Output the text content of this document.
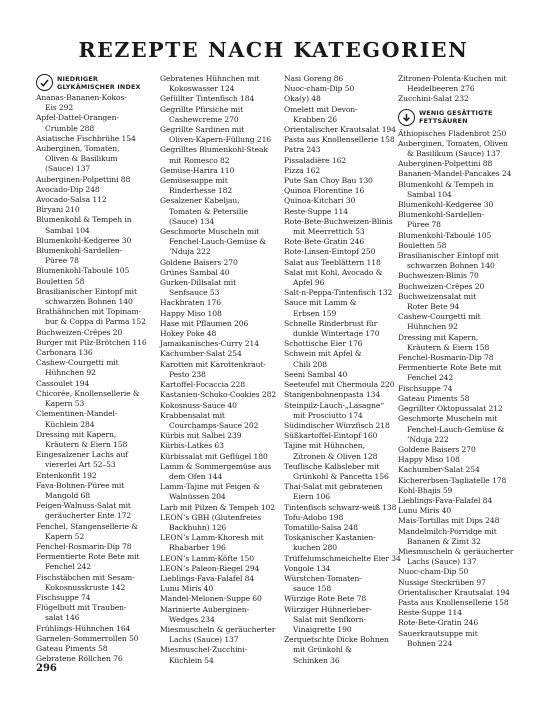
REZEPTE NACH KATEGORIEN
NIEDRIGER
GLYKÄMISCHER INDEX
Ananas-Bananen-Kokos-
Eis 292
Apfel-Dattel-Orangen-
Crumble 288
Asiatische Fischbrühe 154
Auberginen, Tomaten,
Oliven & Basilikum
(Sauce) 137
Auberginen-Polpettini 88
Avocado-Dip 248
Avocado-Salsa 112
Biryani 210
Blumenkohl & Tempeh in
Sambal 104
Blumenkohl-Kedgeree 30
Blumenkohl-Sardellen-
Püree 78
Blumenkohl-Taboulé 105
Bouletten 58
Brasilianischer Eintopf mit
schwarzen Bohnen 140
Brathähnchen mit Topinam-
bur & Coppa di Parma 152
Buchweizen-Crêpes 20
Burger mit Pilz-Brötchen 116
Carbonara 136
Cashew-Courgetti mit
Hühnchen 92
Cassoulet 194
Chicorée, Knollensellerie &
Kapern 53
Clementinen-Mandel-
Küchlein 284
Dressing mit Kapern,
Kräutern & Eiern 158
Eingesalzener Lachs auf
viererlei Art 52–53
Entenkonfit 192
Fava-Bohnen-Püree mit
Mangold 68
Feigen-Walnuss-Salat mit
geräucherter Ente 172
Fenchel, Stangensellerie &
Kapern 52
Fenchel-Rosmarin-Dip 78
Fermentierte Rote Bete mit
Fenchel 242
Fischstäbchen mit Sesam-
Kokosnusskruste 142
Fischsuppe 74
Flügelbutt mit Trauben-
salat 146
Frühlings-Hühnchen 164
Garnelen-Sommerrollen 50
Gateau Piments 58
Gebratene Röllchen 76
Gebratenes Hühnchen mit
Kokoswasser 124
Gefüllter Tintenfisch 184
Gegrillte Pfirsiche mit
Cashewcreme 270
Gegrillte Sardinen mit
Oliven-Kapern-Füllung 216
Gegrilltes Blumenkohl-Steak
mit Romesco 82
Gemüse-Harira 110
Gemüsesuppe mit
Rinderhesse 182
Gesalzener Kabeljau,
Tomaten & Petersilie
(Sauce) 134
Geschmorte Muscheln mit
Fenchel-Lauch-Gemüse &
’Nduja 222
Goldene Baisers 270
Grünes Sambal 40
Gurken-Dillsalat mit
Senfsauce 53
Hackbraten 176
Happy Miso 108
Hase mit Pflaumen 206
Hokey Poke 48
Jamaikanisches-Curry 214
Kachumber-Salat 254
Karotten mit Karottenkraut-
Pesto 238
Kartoffel-Focaccia 228
Kastanien-Schoko-Cookies 282
Kokosnuss-Sauce 40
Krabbensalat mit
Courchamps-Sauce 202
Kürbis mit Salbei 239
Kürbis-Latkes 63
Kürbissalat mit Geflügel 180
Lamm & Sommergemüse aus
dem Ofen 144
Lamm-Tajine mit Feigen &
Walnüssen 204
Larb mit Pilzen & Tempeh 102
LEON’s GBH (Glutenfreies
Backhuhn) 126
LEON’s Lamm-Khoresh mit
Rhabarber 196
LEON’s Lamm-Köfte 150
LEON’s Paleon-Riegel 294
Lieblings-Fava-Falafel 84
Lunu Miris 40
Mandel-Melonen-Suppe 60
Marinierte Auberginen-
Wedges 234
Miesmuscheln & geräucherter
Lachs (Sauce) 137
Miesmuschel-Zucchini-
Küchlein 54
Nasi Goreng 86
Nuoc-cham-Dip 50
Oka(y) 48
Omelett mit Devon-
Krabben 26
Orientalischer Krautsalat 194
Pasta aus Knollensellerie 158
Patra 243
Pissaladière 162
Pizza 162
Pute San Choy Bau 130
Quinoa Florentine 16
Quinoa-Kitchari 30
Reste-Suppe 114
Rote-Bete-Buchweizen-Blinis
mit Meerrettich 53
Rote-Bete-Gratin 246
Rote-Linsen-Eintopf 250
Salat aus Teeblättern 118
Salat mit Kohl, Avocado &
Apfel 96
Salt-n-Peppa-Tintenfisch 132
Sauce mit Lamm &
Erbsen 159
Schnelle Rinderbrust für
dunkle Wintertage 170
Schottische Eier 176
Schwein mit Apfel &
Chili 208
Seeni Sambal 40
Seeteufel mit Chermoula 220
Stangenbohnenpasta 134
Steinpilz-Lauch-„Lasagne“
mit Prosciutto 174
Südindischer Würzfisch 218
Süßkartoffel-Eintopf 160
Tajine mit Hühnchen,
Zitronen & Oliven 128
Teuflische Kalbsleber mit
Grünkohl & Pancetta 156
Thai-Salat mit gebratenen
Eiern 106
Tintenfisch schwarz-weiß 138
Tofu-Adobo 198
Tomatillo-Salsa 248
Toskanischer Kastanien-
kuchen 280
Trüffelumschmeichelte Eier 34
Vongole 134
Würstchen-Tomaten-
sauce 158
Würzige Rote Bete 78
Würziger Hühnerleber-
Salat mit Senfkorn-
Vinaigrette 190
Zerquetschte Dicke Bohnen
mit Grünkohl &
Schinken 36
Zitronen-Polenta-Kuchen mit
Heidelbeeren 276
Zucchini-Salat 232
WENIG GESÄTTIGTE
FETTSÄUREN
Äthiopisches Fladenbrot 250
Auberginen, Tomaten, Oliven
& Basilikum (Sauce) 137
Auberginen-Polpettini 88
Bananen-Mandel-Pancakes 24
Blumenkohl & Tempeh in
Sambal 104
Blumenkohl-Kedgeree 30
Blumenkohl-Sardellen-
Püree 78
Blumenkohl-Taboulé 105
Bouletten 58
Brasilianischer Eintopf mit
schwarzen Bohnen 140
Buchweizen-Blinis 70
Buchweizen-Crêpes 20
Buchweizensalat mit
Roter Bete 94
Cashew-Courgetti mit
Hühnchen 92
Dressing mit Kapern,
Kräutern & Eiern 158
Fenchel-Rosmarin-Dip 78
Fermentierte Rote Bete mit
Fenchel 242
Fischsuppe 74
Gateau Piments 58
Gegrillter Oktopussalat 212
Geschmorte Muscheln mit
Fenchel-Lauch-Gemüse &
’Nduja 222
Goldene Baisers 270
Happy Miso 108
Kachumber-Salat 254
Kichererbsen-Tagliatelle 178
Kohl-Bhajis 59
Lieblings-Fava-Falafel 84
Lunu Miris 40
Mais-Tortillas mit Dips 248
Mandelmilch-Porridge mit
Bananen & Zimt 32
Miesmuscheln & geräucherter
Lachs (Sauce) 137
Nuoc-cham-Dip 50
Nussige Steckrüben 97
Orientalischer Krautsalat 194
Pasta aus Knollensellerie 158
Reste-Suppe 114
Rote-Bete-Gratin 246
Sauerkrautsuppe mit
Bohnen 224
296
